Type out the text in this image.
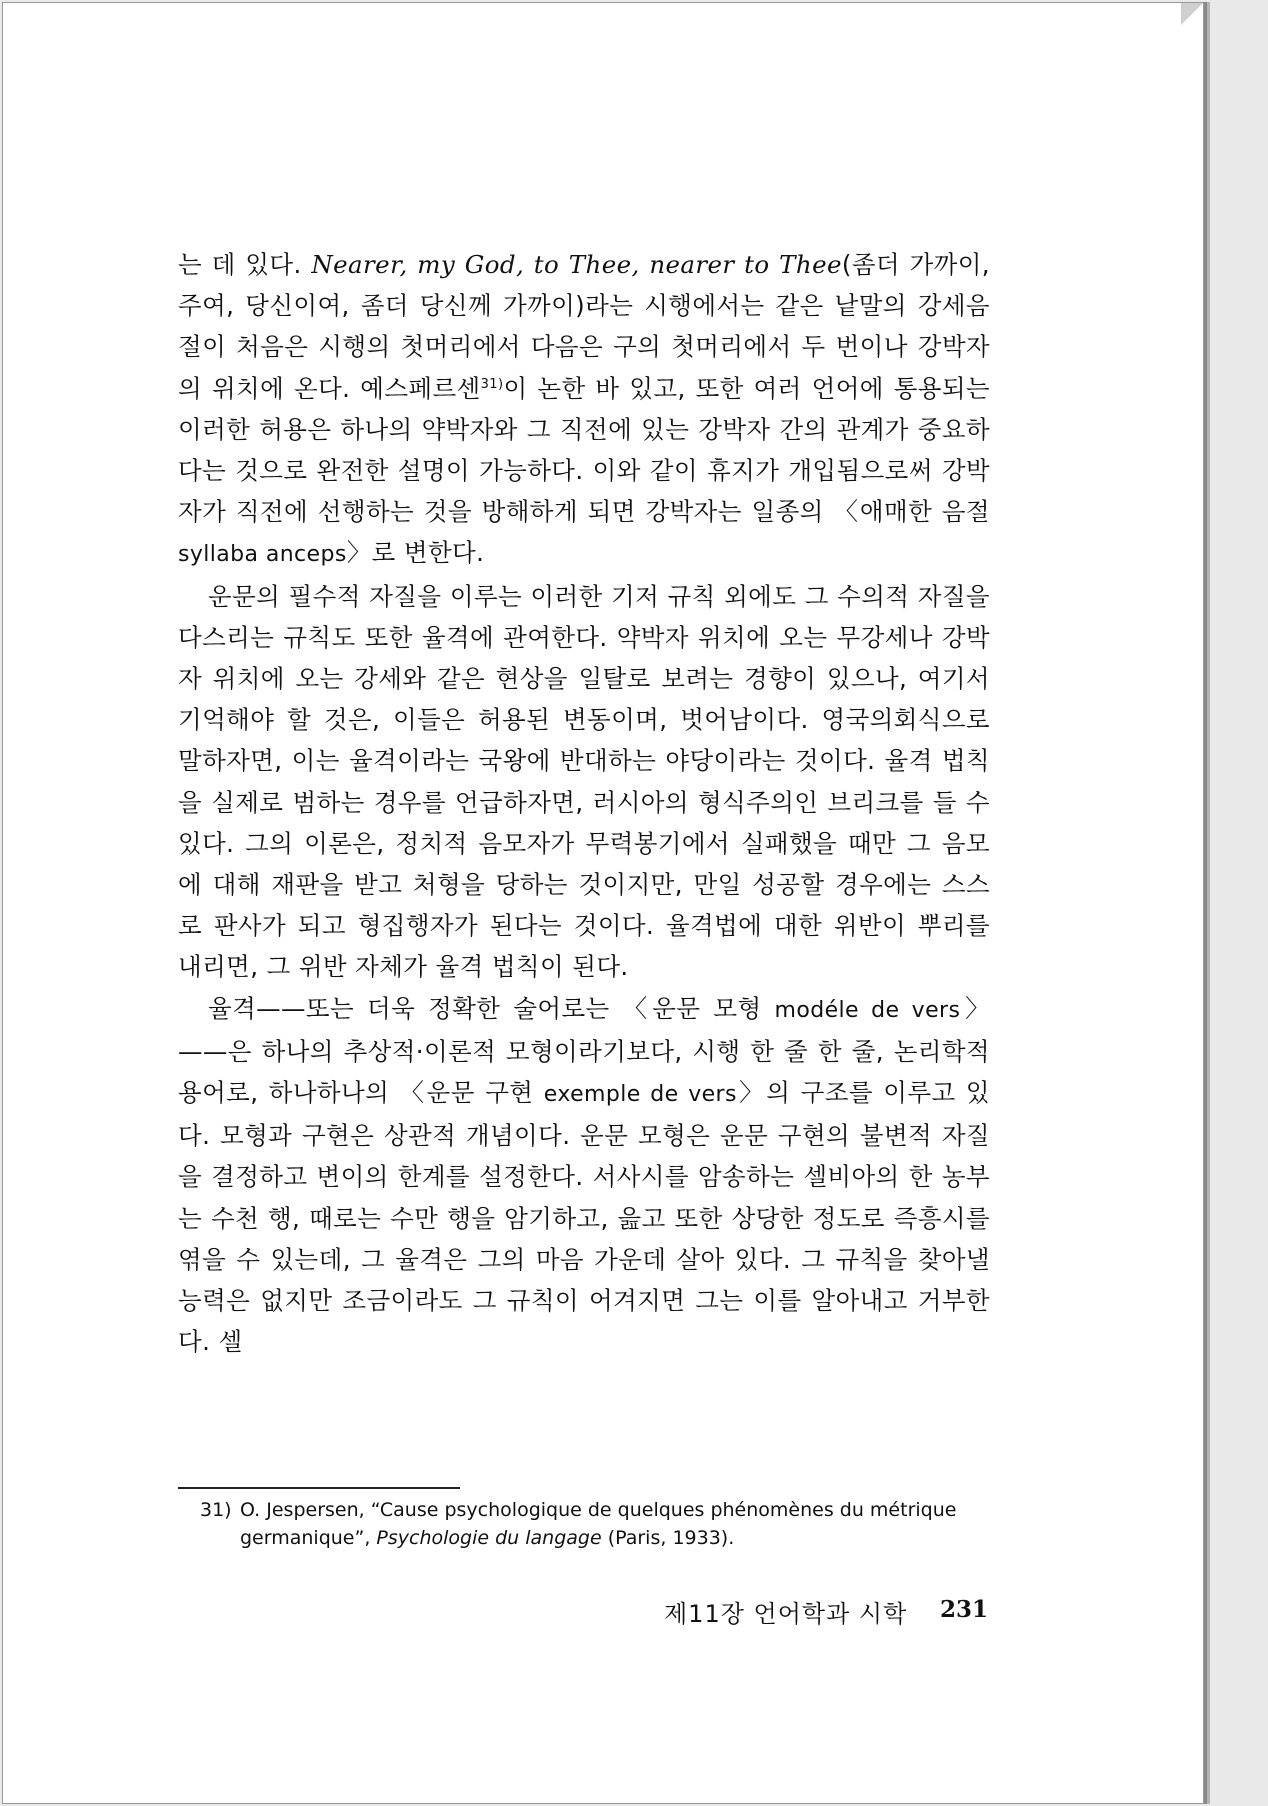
는 데 있다. Nearer, my God, to Thee, nearer to Thee(좀더 가까이, 주여, 당신이여, 좀더 당신께 가까이)라는 시행에서는 같은 낱말의 강세음절이 처음은 시행의 첫머리에서 다음은 구의 첫머리에서 두 번이나 강박자의 위치에 온다. 예스페르센$^{31)}$이 논한 바 있고, 또한 여러 언어에 통용되는 이러한 허용은 하나의 약박자와 그 직전에 있는 강박자 간의 관계가 중요하다는 것으로 완전한 설명이 가능하다. 이와 같이 휴지가 개입됨으로써 강박자가 직전에 선행하는 것을 방해하게 되면 강박자는 일종의 〈애매한 음절 syllaba anceps〉로 변한다.

운문의 필수적 자질을 이루는 이러한 기저 규칙 외에도 그 수의적 자질을 다스리는 규칙도 또한 율격에 관여한다. 약박자 위치에 오는 무강세나 강박자 위치에 오는 강세와 같은 현상을 일탈로 보려는 경향이 있으나, 여기서 기억해야 할 것은, 이들은 허용된 변동이며, 벗어남이다. 영국의회식으로 말하자면, 이는 율격이라는 국왕에 반대하는 야당이라는 것이다. 율격 법칙을 실제로 범하는 경우를 언급하자면, 러시아의 형식주의인 브리크를 들 수 있다. 그의 이론은, 정치적 음모자가 무력봉기에서 실패했을 때만 그 음모에 대해 재판을 받고 처형을 당하는 것이지만, 만일 성공할 경우에는 스스로 판사가 되고 형집행자가 된다는 것이다. 율격법에 대한 위반이 뿌리를 내리면, 그 위반 자체가 율격 법칙이 된다.

율격——또는 더욱 정확한 술어로는 〈운문 모형 modéle de vers〉——은 하나의 추상적·이론적 모형이라기보다, 시행 한 줄 한 줄, 논리학적 용어로, 하나하나의 〈운문 구현 exemple de vers〉의 구조를 이루고 있다. 모형과 구현은 상관적 개념이다. 운문 모형은 운문 구현의 불변적 자질을 결정하고 변이의 한계를 설정한다. 서사시를 암송하는 셀비아의 한 농부는 수천 행, 때로는 수만 행을 암기하고, 읊고 또한 상당한 정도로 즉흥시를 엮을 수 있는데, 그 율격은 그의 마음 가운데 살아 있다. 그 규칙을 찾아낼 능력은 없지만 조금이라도 그 규칙이 어겨지면 그는 이를 알아내고 거부한다. 셀

31) O. Jespersen, “Cause psychologique de quelques phénomènes du métrique
germanique”, Psychologie du langage (Paris, 1933).
제11장 언어학과 시학 231
